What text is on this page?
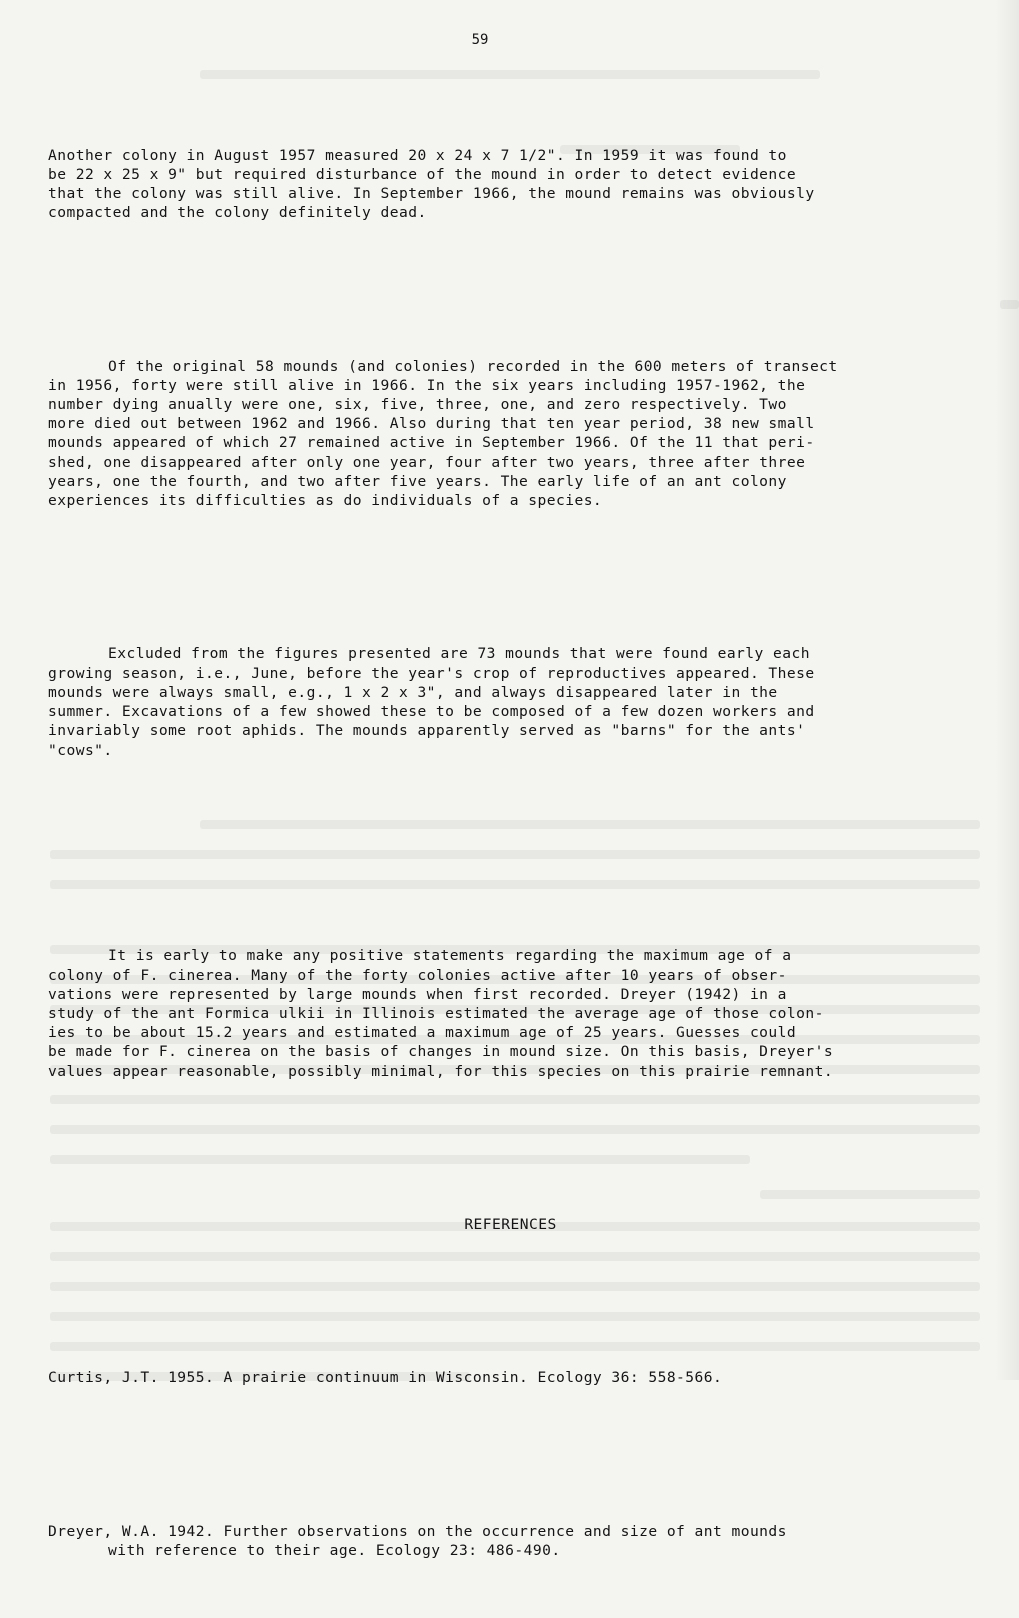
59

Another colony in August 1957 measured 20 x 24 x 7 1/2". In 1959 it was found to
be 22 x 25 x 9" but required disturbance of the mound in order to detect evidence
that the colony was still alive. In September 1966, the mound remains was obviously
compacted and the colony definitely dead.

Of the original 58 mounds (and colonies) recorded in the 600 meters of transect
in 1956, forty were still alive in 1966. In the six years including 1957-1962, the
number dying anually were one, six, five, three, one, and zero respectively. Two
more died out between 1962 and 1966. Also during that ten year period, 38 new small
mounds appeared of which 27 remained active in September 1966. Of the 11 that peri-
shed, one disappeared after only one year, four after two years, three after three
years, one the fourth, and two after five years. The early life of an ant colony
experiences its difficulties as do individuals of a species.

Excluded from the figures presented are 73 mounds that were found early each
growing season, i.e., June, before the year's crop of reproductives appeared. These
mounds were always small, e.g., 1 x 2 x 3", and always disappeared later in the
summer. Excavations of a few showed these to be composed of a few dozen workers and
invariably some root aphids. The mounds apparently served as "barns" for the ants'
"cows".

It is early to make any positive statements regarding the maximum age of a
colony of F. cinerea. Many of the forty colonies active after 10 years of obser-
vations were represented by large mounds when first recorded. Dreyer (1942) in a
study of the ant Formica ulkii in Illinois estimated the average age of those colon-
ies to be about 15.2 years and estimated a maximum age of 25 years. Guesses could
be made for F. cinerea on the basis of changes in mound size. On this basis, Dreyer's
values appear reasonable, possibly minimal, for this species on this prairie remnant.

REFERENCES

Curtis, J.T. 1955. A prairie continuum in Wisconsin. Ecology 36: 558-566.

Dreyer, W.A. 1942. Further observations on the occurrence and size of ant mounds
with reference to their age. Ecology 23: 486-490.
